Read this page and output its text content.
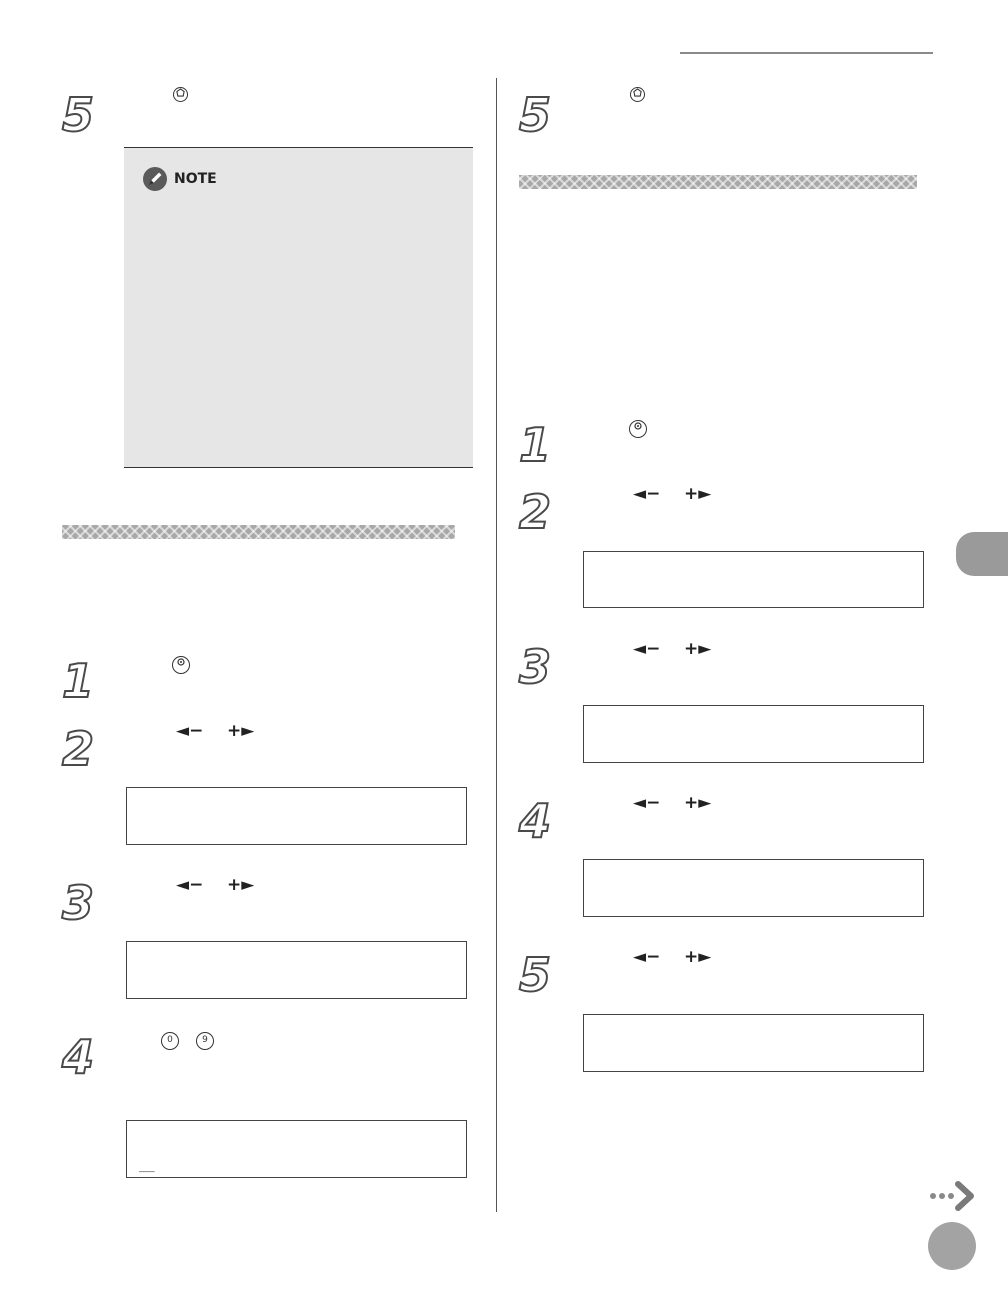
5
NOTE
1
2	◄−    +►
3	◄−    +►
4	0	9
__
5
1
2	◄−    +►
3	◄−    +►
4	◄−    +►
5	◄−    +►
